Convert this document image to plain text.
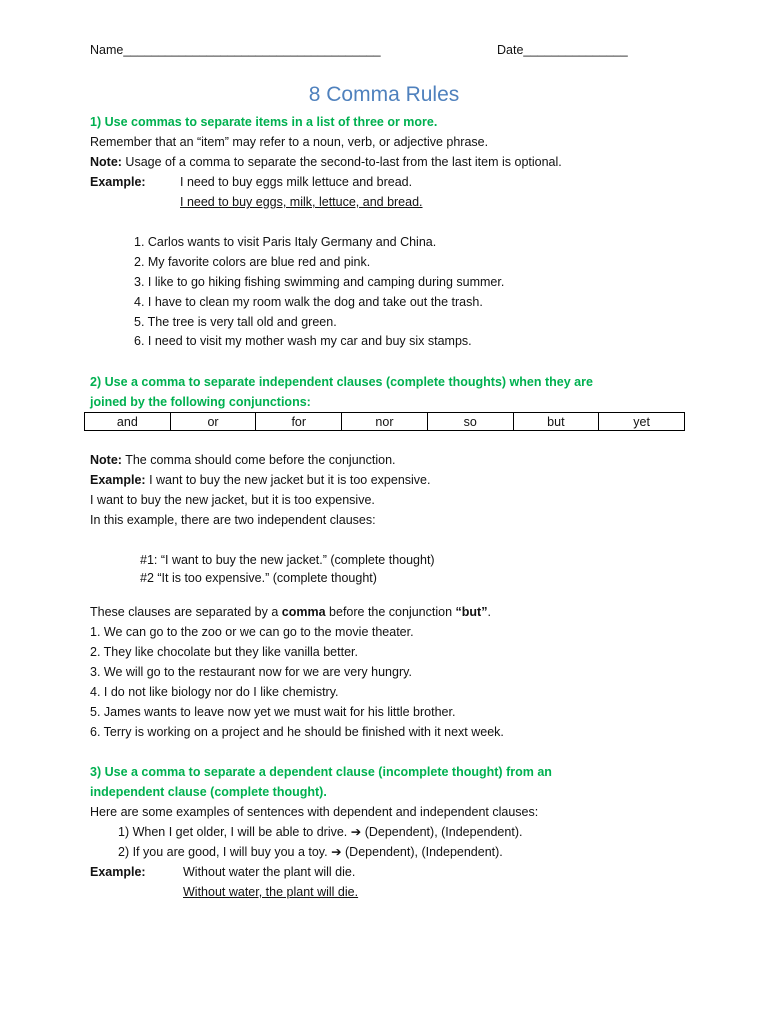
Name_____________________________________	Date_______________
8 Comma Rules
1) Use commas to separate items in a list of three or more.
Remember that an “item” may refer to a noun, verb, or adjective phrase.
Note: Usage of a comma to separate the second-to-last from the last item is optional.
Example:	I need to buy eggs milk lettuce and bread.
I need to buy eggs, milk, lettuce, and bread.
1. Carlos wants to visit Paris Italy Germany and China.
2. My favorite colors are blue red and pink.
3. I like to go hiking fishing swimming and camping during summer.
4. I have to clean my room walk the dog and take out the trash.
5. The tree is very tall old and green.
6. I need to visit my mother wash my car and buy six stamps.
2) Use a comma to separate independent clauses (complete thoughts) when they are
joined by the following conjunctions:
and	or	for	nor	so	but	yet
Note: The comma should come before the conjunction.
Example: I want to buy the new jacket but it is too expensive.
I want to buy the new jacket, but it is too expensive.
In this example, there are two independent clauses:
#1: “I want to buy the new jacket.” (complete thought)
#2 “It is too expensive.” (complete thought)
These clauses are separated by a comma before the conjunction “but”.
1. We can go to the zoo or we can go to the movie theater.
2. They like chocolate but they like vanilla better.
3. We will go to the restaurant now for we are very hungry.
4. I do not like biology nor do I like chemistry.
5. James wants to leave now yet we must wait for his little brother.
6. Terry is working on a project and he should be finished with it next week.
3) Use a comma to separate a dependent clause (incomplete thought) from an
independent clause (complete thought).
Here are some examples of sentences with dependent and independent clauses:
1) When I get older, I will be able to drive. ➔ (Dependent), (Independent).
2) If you are good, I will buy you a toy. ➔ (Dependent), (Independent).
Example:	Without water the plant will die.
Without water, the plant will die.
